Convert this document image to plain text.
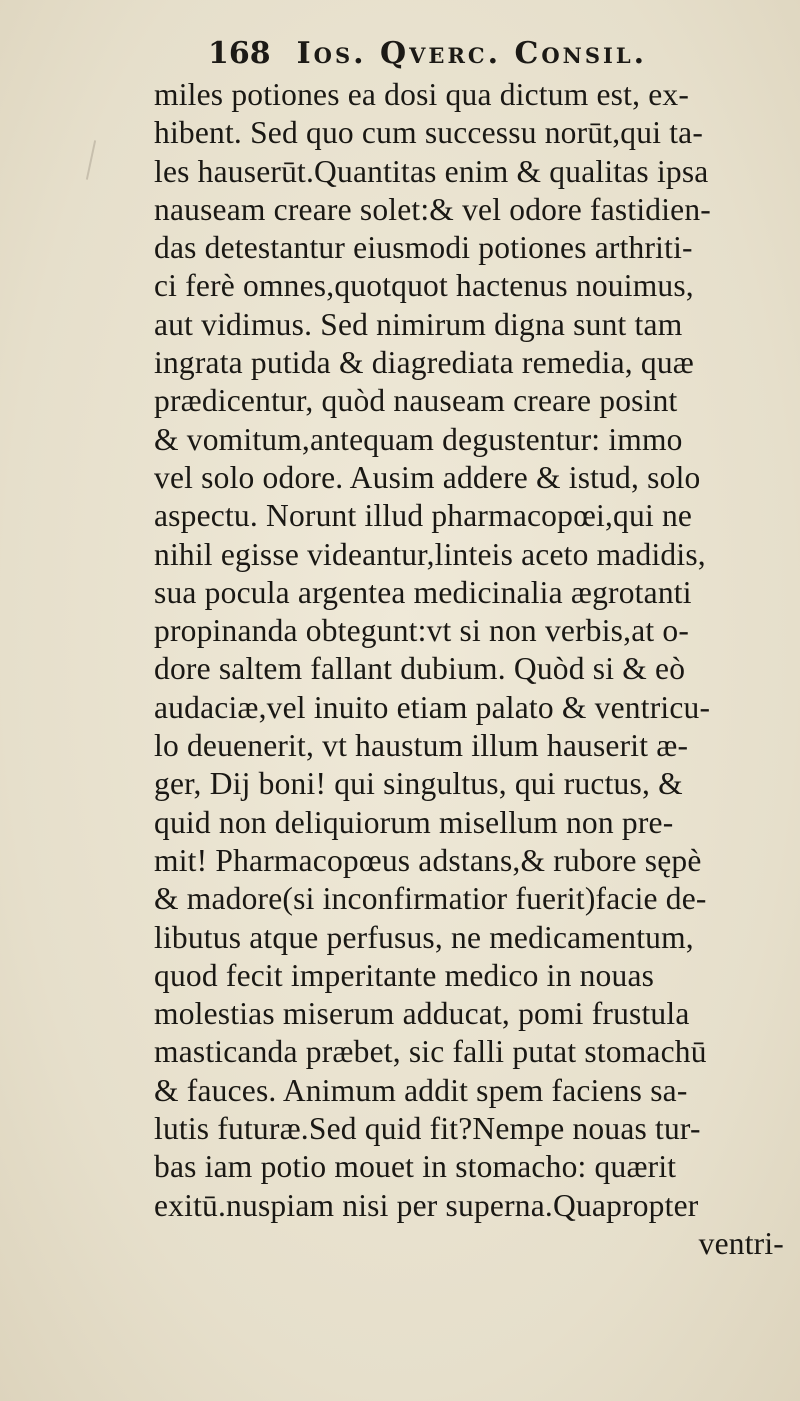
168 Ios. Qverc. Consil.
miles potiones ea dosi qua dictum est, ex-
hibent. Sed quo cum successu norūt,qui ta-
les hauserūt.Quantitas enim & qualitas ipsa
nauseam creare solet:& vel odore fastidien-
das detestantur eiusmodi potiones arthriti-
ci ferè omnes,quotquot hactenus nouimus,
aut vidimus. Sed nimirum digna sunt tam
ingrata putida & diagrediata remedia, quæ
prædicentur, quòd nauseam creare posint
& vomitum,antequam degustentur: immo
vel solo odore. Ausim addere & istud, solo
aspectu. Norunt illud pharmacopœi,qui ne
nihil egisse videantur,linteis aceto madidis,
sua pocula argentea medicinalia ægrotanti
propinanda obtegunt:vt si non verbis,at o-
dore saltem fallant dubium. Quòd si & eò
audaciæ,vel inuito etiam palato & ventricu-
lo deuenerit, vt haustum illum hauserit æ-
ger, Dij boni! qui singultus, qui ructus, &
quid non deliquiorum misellum non pre-
mit! Pharmacopœus adstans,& rubore sępè
& madore(si inconfirmatior fuerit)facie de-
libutus atque perfusus, ne medicamentum,
quod fecit imperitante medico in nouas
molestias miserum adducat, pomi frustula
masticanda præbet, sic falli putat stomachū
& fauces. Animum addit spem faciens sa-
lutis futuræ.Sed quid fit?Nempe nouas tur-
bas iam potio mouet in stomacho: quærit
exitū.nuspiam nisi per superna.Quapropter
ventri-
